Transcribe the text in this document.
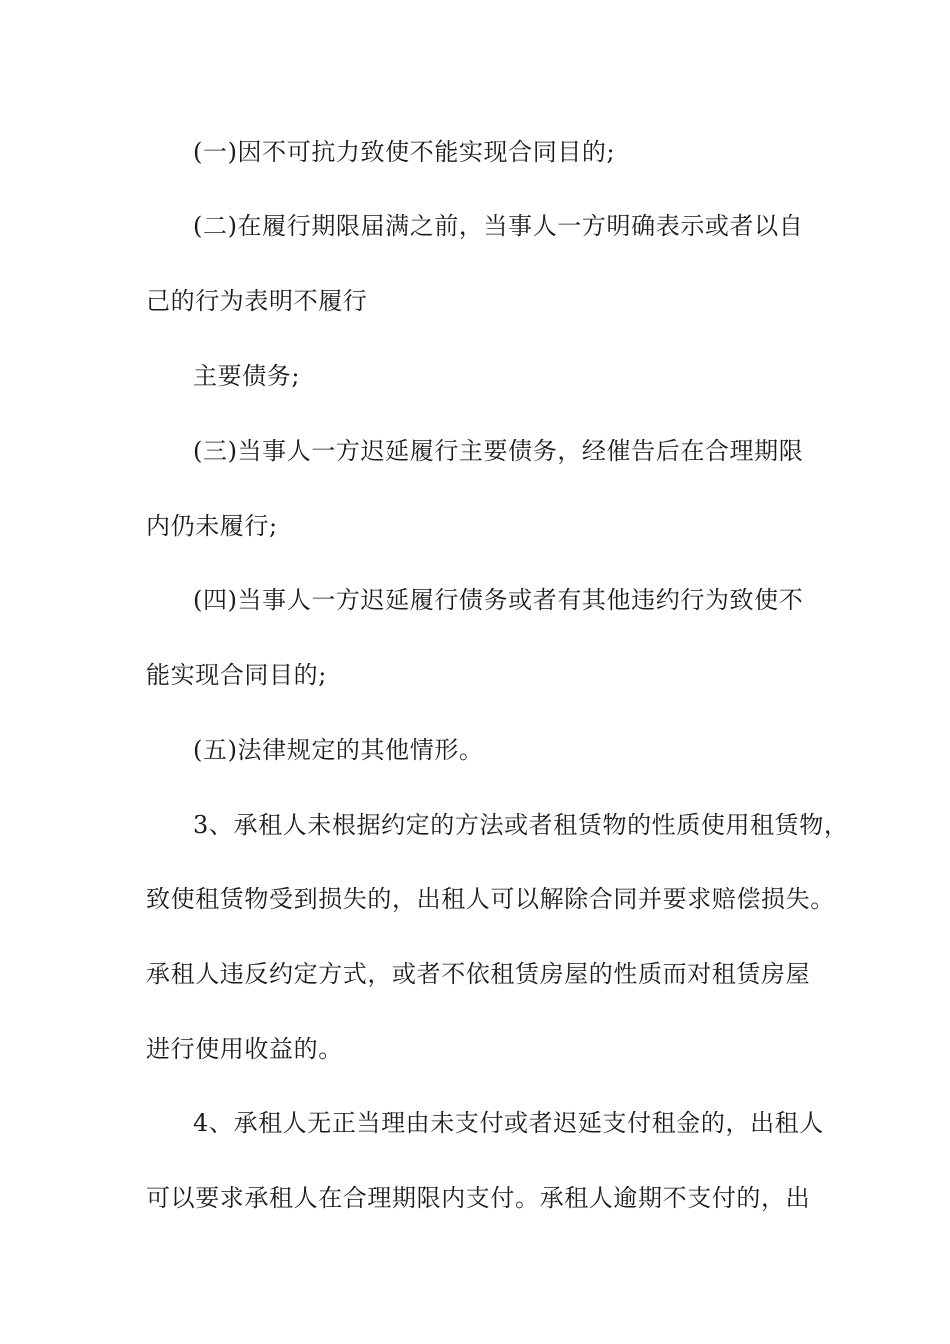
(一)因不可抗力致使不能实现合同目的;

(二)在履行期限届满之前，当事人一方明确表示或者以自

己的行为表明不履行

主要债务;

(三)当事人一方迟延履行主要债务，经催告后在合理期限

内仍未履行;

(四)当事人一方迟延履行债务或者有其他违约行为致使不

能实现合同目的;

(五)法律规定的其他情形。

3、承租人未根据约定的方法或者租赁物的性质使用租赁物，

致使租赁物受到损失的，出租人可以解除合同并要求赔偿损失。

承租人违反约定方式，或者不依租赁房屋的性质而对租赁房屋

进行使用收益的。

4、承租人无正当理由未支付或者迟延支付租金的，出租人

可以要求承租人在合理期限内支付。承租人逾期不支付的，出
